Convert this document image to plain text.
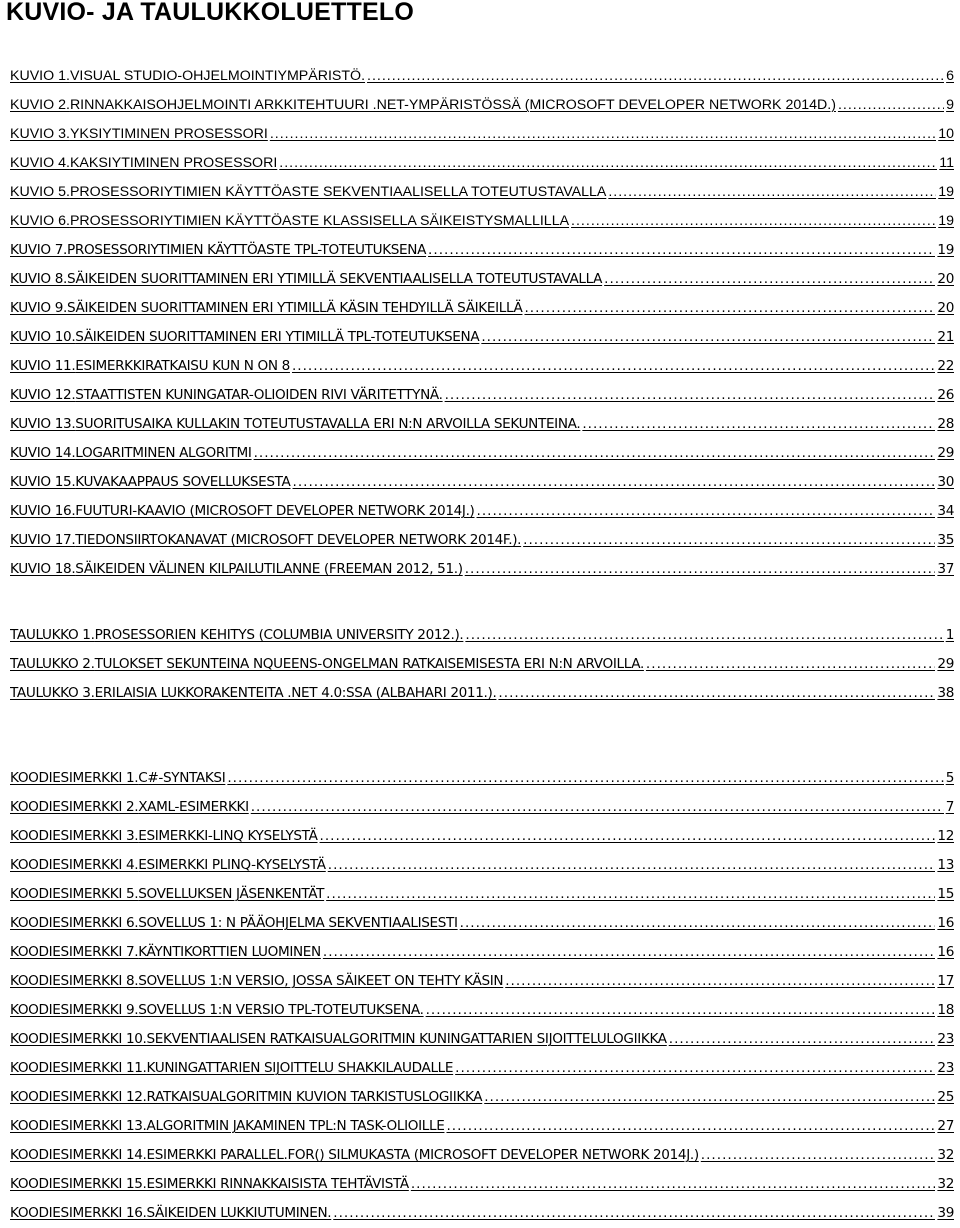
KUVIO- JA TAULUKKOLUETTELO
KUVIO 1. VISUAL STUDIO-OHJELMOINTIYMPÄRISTÖ. .....	6
KUVIO 2. RINNAKKAISOHJELMOINTI ARKKITEHTUURI .NET-YMPÄRISTÖSSÄ (MICROSOFT DEVELOPER NETWORK 2014D.) .....	9
KUVIO 3. YKSIYTIMINEN PROSESSORI .....	10
KUVIO 4. KAKSIYTIMINEN PROSESSORI .....	11
KUVIO 5. PROSESSORIYTIMIEN KÄYTTÖASTE SEKVENTIAALISELLA TOTEUTUSTAVALLA .....	19
KUVIO 6. PROSESSORIYTIMIEN KÄYTTÖASTE KLASSISELLA SÄIKEISTYSMALLILLA .....	19
KUVIO 7. PROSESSORIYTIMIEN KÄYTTÖASTE TPL-TOTEUTUKSENA .....	19
KUVIO 8. SÄIKEIDEN SUORITTAMINEN ERI YTIMILLÄ SEKVENTIAALISELLA TOTEUTUSTAVALLA .....	20
KUVIO 9. SÄIKEIDEN SUORITTAMINEN ERI YTIMILLÄ KÄSIN TEHDYILLÄ SÄIKEILLÄ .....	20
KUVIO 10. SÄIKEIDEN SUORITTAMINEN ERI YTIMILLÄ TPL-TOTEUTUKSENA .....	21
KUVIO 11. ESIMERKKIRATKAISU KUN N ON 8 .....	22
KUVIO 12. STAATTISTEN KUNINGATAR-OLIOIDEN RIVI VÄRITETTYNÄ. .....	26
KUVIO 13. SUORITUSAIKA KULLAKIN TOTEUTUSTAVALLA ERI N:N ARVOILLA SEKUNTEINA. .....	28
KUVIO 14. LOGARITMINEN ALGORITMI .....	29
KUVIO 15. KUVAKAAPPAUS SOVELLUKSESTA .....	30
KUVIO 16. FUUTURI-KAAVIO (MICROSOFT DEVELOPER NETWORK 2014J.) .....	34
KUVIO 17. TIEDONSIIRTOKANAVAT (MICROSOFT DEVELOPER NETWORK 2014F.). .....	35
KUVIO 18. SÄIKEIDEN VÄLINEN KILPAILUTILANNE (FREEMAN 2012, 51.) .....	37
TAULUKKO 1. PROSESSORIEN KEHITYS (COLUMBIA UNIVERSITY 2012.). .....	1
TAULUKKO 2. TULOKSET SEKUNTEINA NQUEENS-ONGELMAN RATKAISEMISESTA ERI N:N ARVOILLA. .....	29
TAULUKKO 3. ERILAISIA LUKKORAKENTEITA .NET 4.0:SSA (ALBAHARI 2011.). .....	38
KOODIESIMERKKI 1. C#-SYNTAKSI .....	5
KOODIESIMERKKI 2. XAML-ESIMERKKI .....	7
KOODIESIMERKKI 3. ESIMERKKI-LINQ KYSELYSTÄ .....	12
KOODIESIMERKKI 4. ESIMERKKI PLINQ-KYSELYSTÄ .....	13
KOODIESIMERKKI 5. SOVELLUKSEN JÄSENKENTÄT .....	15
KOODIESIMERKKI 6. SOVELLUS 1: N PÄÄOHJELMA SEKVENTIAALISESTI .....	16
KOODIESIMERKKI 7. KÄYNTIKORTTIEN LUOMINEN .....	16
KOODIESIMERKKI 8. SOVELLUS 1:N VERSIO, JOSSA SÄIKEET ON TEHTY KÄSIN .....	17
KOODIESIMERKKI 9. SOVELLUS 1:N VERSIO TPL-TOTEUTUKSENA. .....	18
KOODIESIMERKKI 10. SEKVENTIAALISEN RATKAISUALGORITMIN KUNINGATTARIEN SIJOITTELULOGIIKKA .....	23
KOODIESIMERKKI 11. KUNINGATTARIEN SIJOITTELU SHAKKILAUDALLE .....	23
KOODIESIMERKKI 12. RATKAISUALGORITMIN KUVION TARKISTUSLOGIIKKA .....	25
KOODIESIMERKKI 13. ALGORITMIN JAKAMINEN TPL:N TASK-OLIOILLE .....	27
KOODIESIMERKKI 14. ESIMERKKI PARALLEL.FOR() SILMUKASTA (MICROSOFT DEVELOPER NETWORK 2014J.) .....	32
KOODIESIMERKKI 15. ESIMERKKI RINNAKKAISISTA TEHTÄVISTÄ .....	32
KOODIESIMERKKI 16. SÄIKEIDEN LUKKIUTUMINEN. .....	39
